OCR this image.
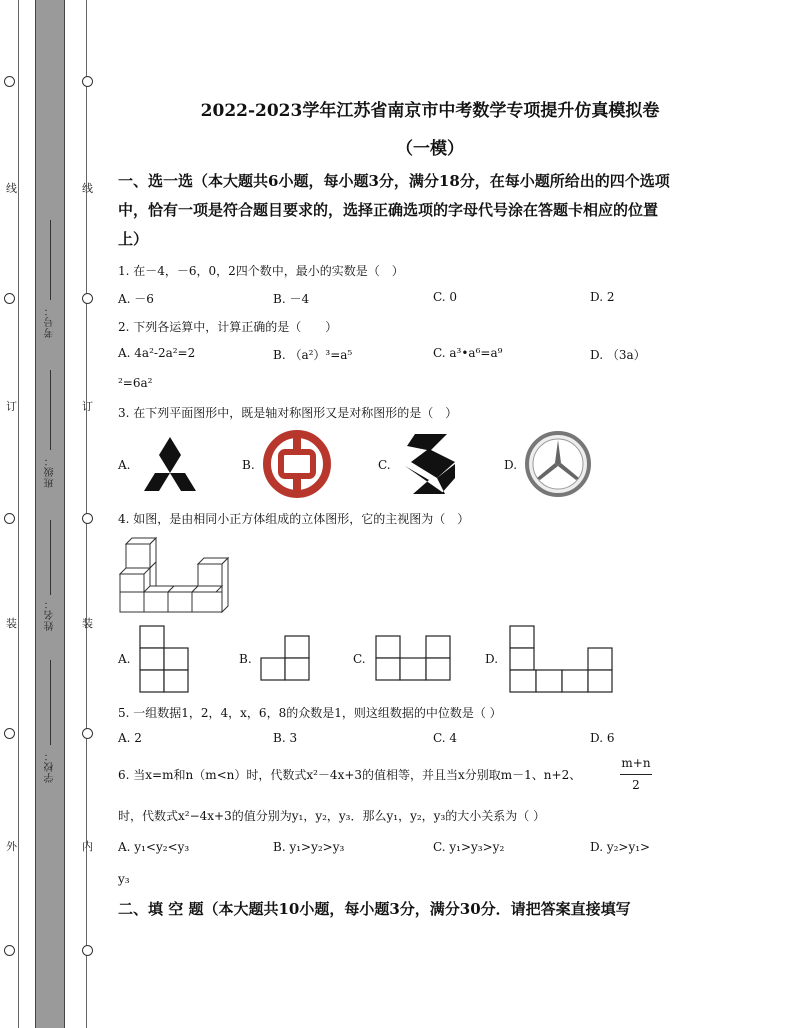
线
订
装
外
线
订
装
内
考号：
班级：
姓名：
学校：
2022-2023学年江苏省南京市中考数学专项提升仿真模拟卷
（一模）
一、选一选（本大题共6小题，每小题3分，满分18分，在每小题所给出的四个选项中，恰有一项是符合题目要求的，选择正确选项的字母代号涂在答题卡相应的位置上）
1. 在－4，－6，0，2四个数中，最小的实数是（　）
A. －6	B. －4	C. 0	D. 2
2. 下列各运算中，计算正确的是（　　）
A. 4a²-2a²=2	B. （a²）³=a⁵	C. a³•a⁶=a⁹	D. （3a）
²=6a²
3. 在下列平面图形中，既是轴对称图形又是对称图形的是（　）
A.	B.	C.	D.
4. 如图，是由相同小正方体组成的立体图形，它的主视图为（　）
A.	B.	C.	D.
5. 一组数据1，2，4，x，6，8的众数是1，则这组数据的中位数是（ ）
A. 2	B. 3	C. 4	D. 6
6. 当x=m和n（m<n）时，代数式x²－4x+3的值相等，并且当x分别取m－1、n+2、
m+n
2
时，代数式x²−4x+3的值分别为y₁，y₂，y₃．那么y₁，y₂，y₃的大小关系为（ ）
A. y₁<y₂<y₃	B. y₁>y₂>y₃	C. y₁>y₃>y₂	D. y₂>y₁>
y₃
二、填 空 题（本大题共10小题，每小题3分，满分30分．请把答案直接填写
